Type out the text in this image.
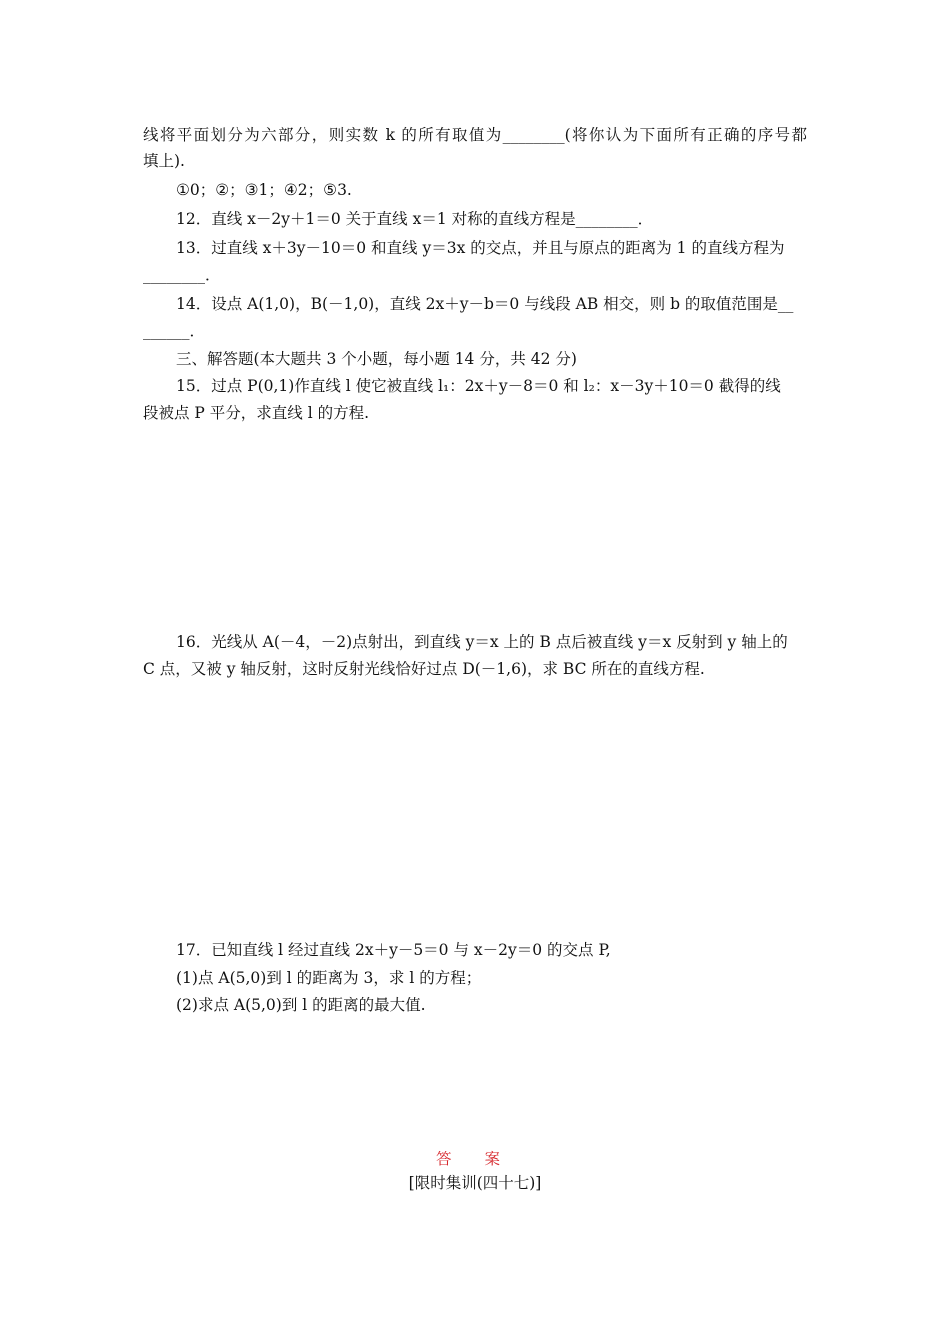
线将平面划分为六部分，则实数 k 的所有取值为________(将你认为下面所有正确的序号都
填上).
①0；②；③1；④2；⑤3.
12．直线 x－2y＋1＝0 关于直线 x＝1 对称的直线方程是________．
13．过直线 x＋3y－10＝0 和直线 y＝3x 的交点，并且与原点的距离为 1 的直线方程为
________．
14．设点 A(1,0)，B(－1,0)，直线 2x＋y－b＝0 与线段 AB 相交，则 b 的取值范围是__
______．
三、解答题(本大题共 3 个小题，每小题 14 分，共 42 分)
15．过点 P(0,1)作直线 l 使它被直线 l₁：2x＋y－8＝0 和 l₂：x－3y＋10＝0 截得的线
段被点 P 平分，求直线 l 的方程.
16．光线从 A(－4，－2)点射出，到直线 y＝x 上的 B 点后被直线 y＝x 反射到 y 轴上的
C 点，又被 y 轴反射，这时反射光线恰好过点 D(－1,6)，求 BC 所在的直线方程.
17．已知直线 l 经过直线 2x＋y－5＝0 与 x－2y＝0 的交点 P,
(1)点 A(5,0)到 l 的距离为 3，求 l 的方程；
(2)求点 A(5,0)到 l 的距离的最大值.
答 案
[限时集训(四十七)]
